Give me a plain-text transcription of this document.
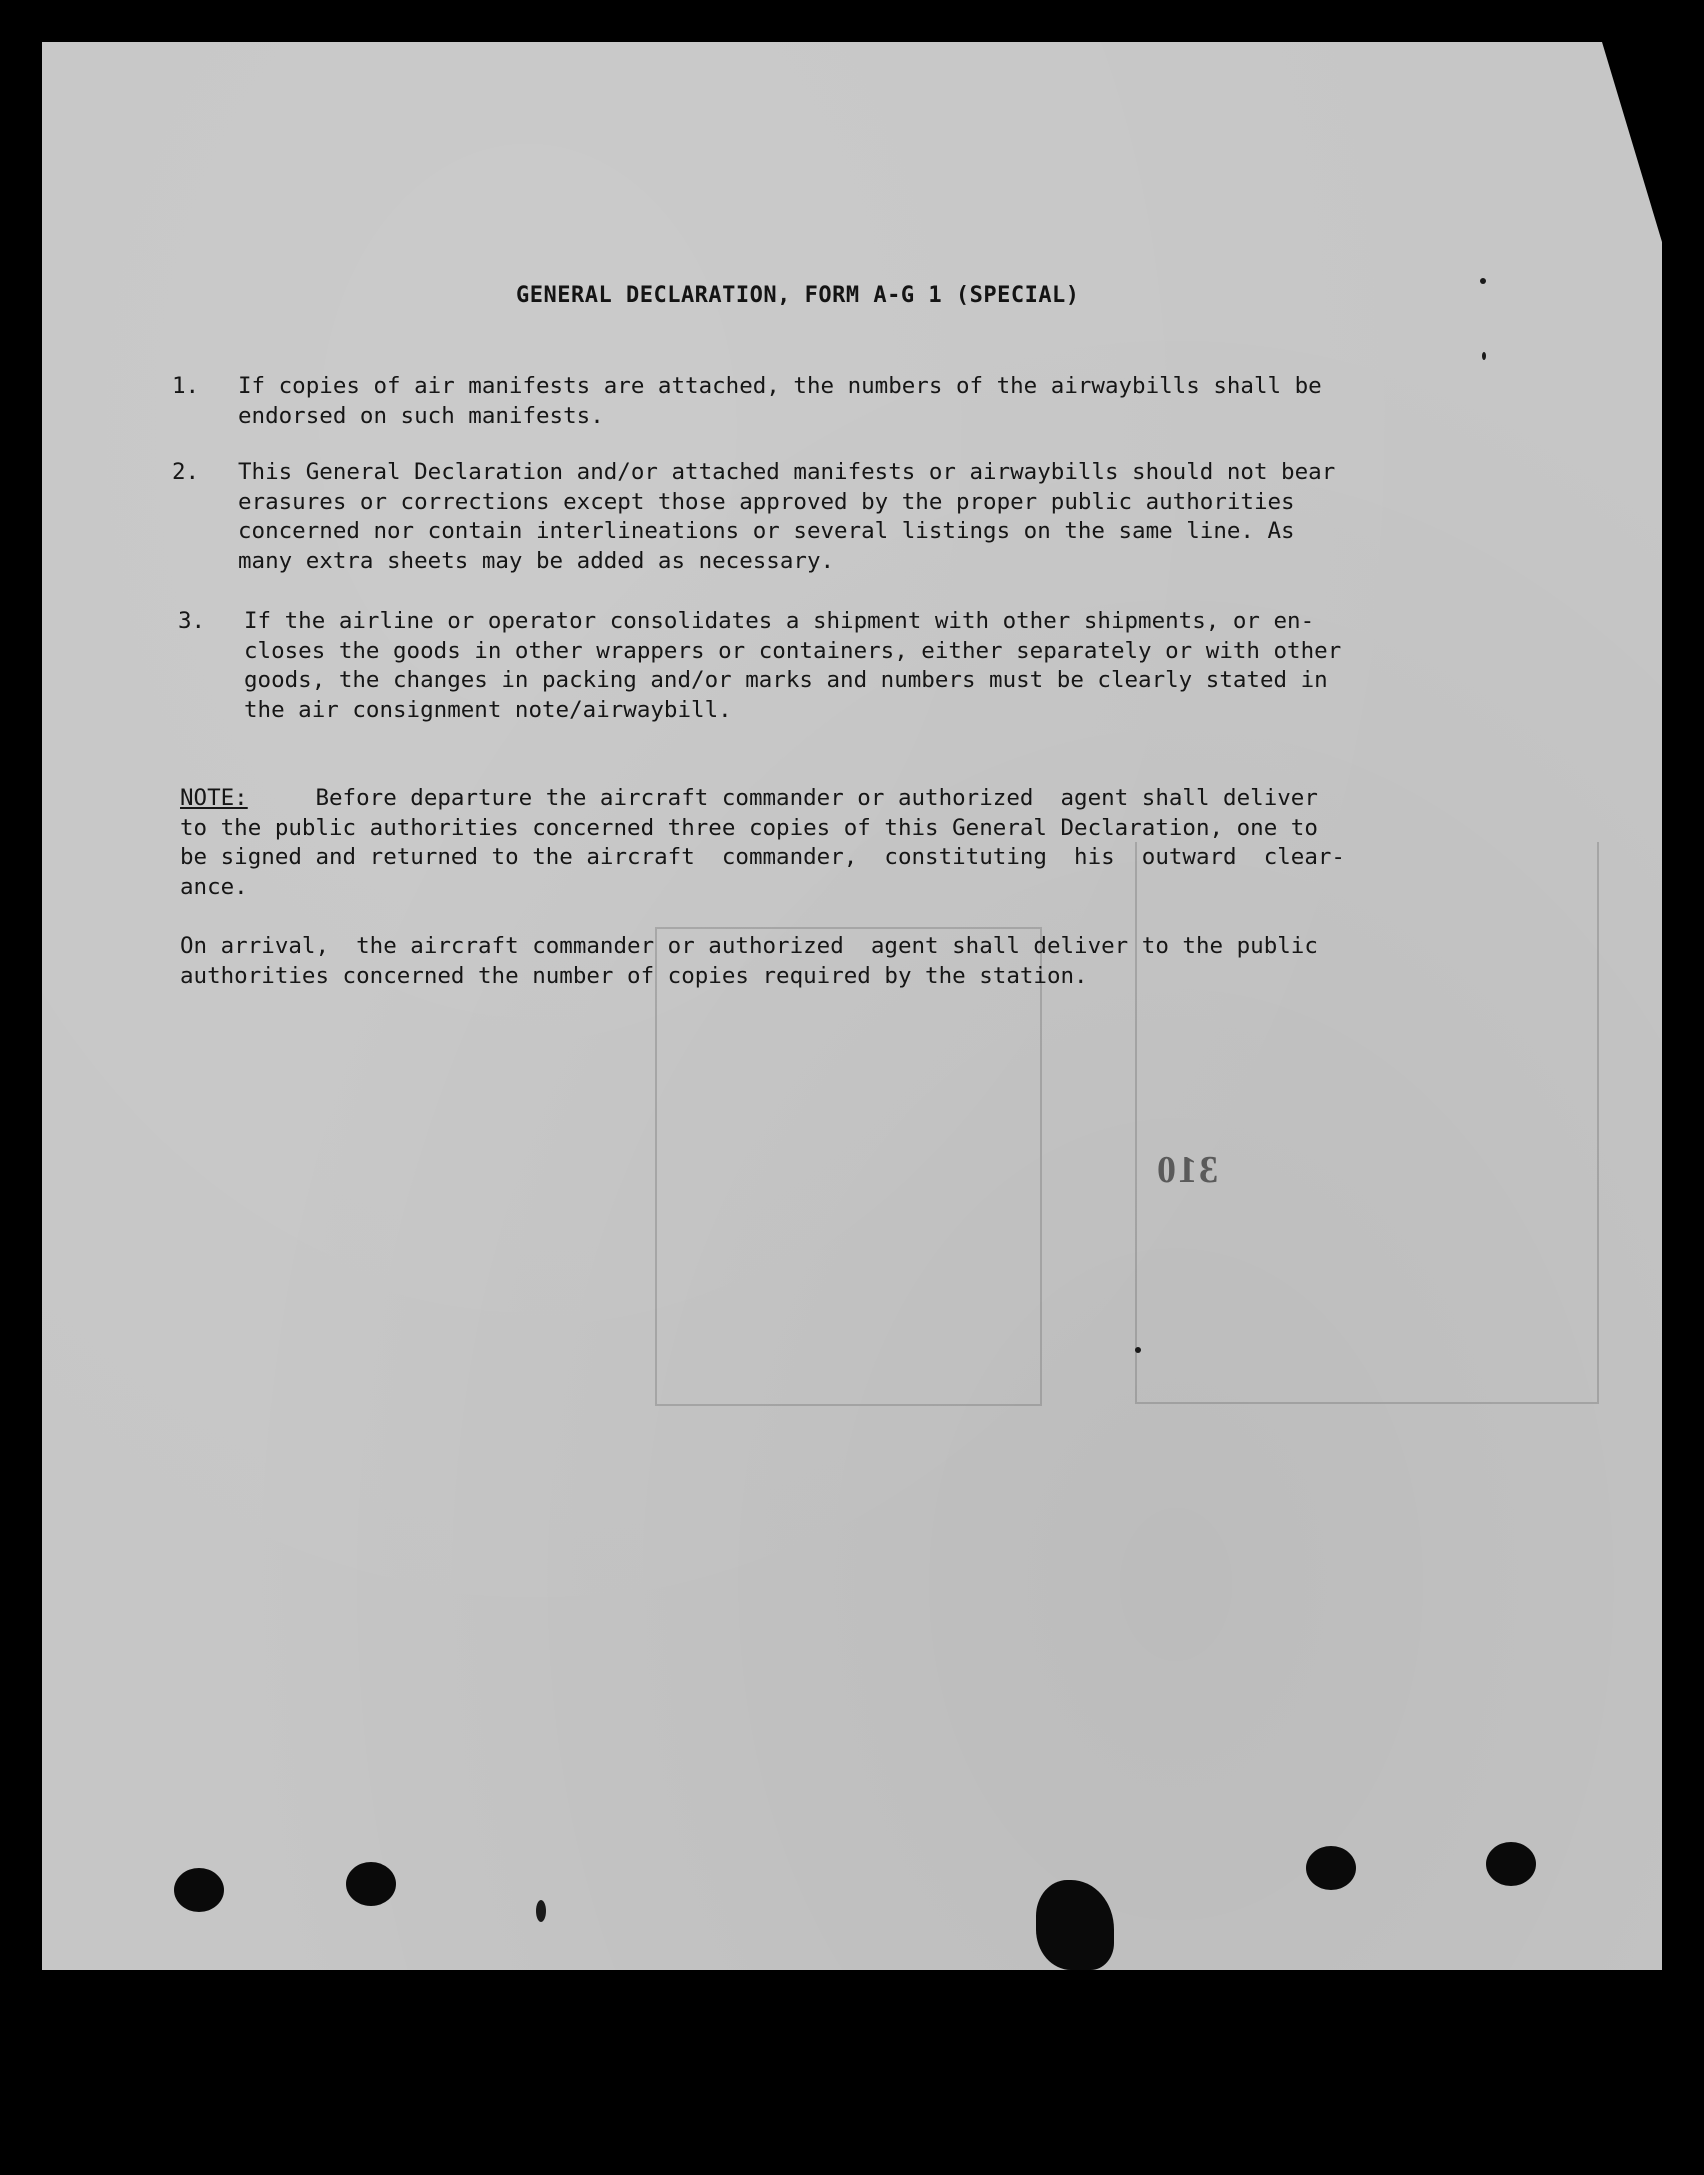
310
GENERAL DECLARATION, FORM A-G 1 (SPECIAL)
1. If copies of air manifests are attached, the numbers of the airwaybills shall be
endorsed on such manifests.
2. This General Declaration and/or attached manifests or airwaybills should not bear
erasures or corrections except those approved by the proper public authorities
concerned nor contain interlineations or several listings on the same line. As
many extra sheets may be added as necessary.
3. If the airline or operator consolidates a shipment with other shipments, or en-
closes the goods in other wrappers or containers, either separately or with other
goods, the changes in packing and/or marks and numbers must be clearly stated in
the air consignment note/airwaybill.
NOTE:     Before departure the aircraft commander or authorized  agent shall deliver
to the public authorities concerned three copies of this General Declaration, one to
be signed and returned to the aircraft  commander,  constituting  his  outward  clear-
ance.
On arrival,  the aircraft commander or authorized  agent shall deliver to the public
authorities concerned the number of copies required by the station.
